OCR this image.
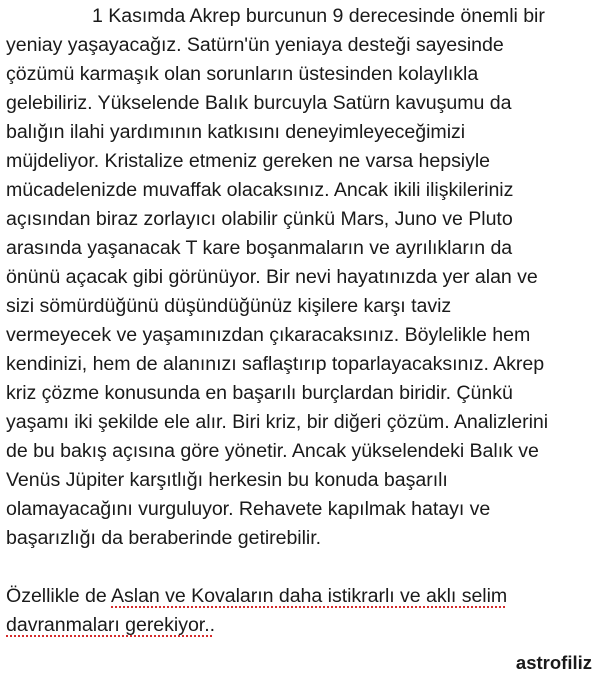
1 Kasımda Akrep burcunun 9 derecesinde önemli bir
yeniay yaşayacağız. Satürn'ün yeniaya desteği sayesinde
çözümü karmaşık olan sorunların üstesinden kolaylıkla
gelebiliriz. Yükselende Balık burcuyla Satürn kavuşumu da
balığın ilahi yardımının katkısını deneyimleyeceğimizi
müjdeliyor. Kristalize etmeniz gereken ne varsa hepsiyle
mücadelenizde muvaffak olacaksınız. Ancak ikili ilişkileriniz
açısından biraz zorlayıcı olabilir çünkü Mars, Juno ve Pluto
arasında yaşanacak T kare boşanmaların ve ayrılıkların da
önünü açacak gibi görünüyor. Bir nevi hayatınızda yer alan ve
sizi sömürdüğünü düşündüğünüz kişilere karşı taviz
vermeyecek ve yaşamınızdan çıkaracaksınız. Böylelikle hem
kendinizi, hem de alanınızı saflaştırıp toparlayacaksınız. Akrep
kriz çözme konusunda en başarılı burçlardan biridir. Çünkü
yaşamı iki şekilde ele alır. Biri kriz, bir diğeri çözüm. Analizlerini
de bu bakış açısına göre yönetir. Ancak yükselendeki Balık ve
Venüs Jüpiter karşıtlığı herkesin bu konuda başarılı
olamayacağını vurguluyor. Rehavete kapılmak hatayı ve
başarızlığı da beraberinde getirebilir.
Özellikle de Aslan ve Kovaların daha istikrarlı ve aklı selim
davranmaları gerekiyor..
astrofiliz
